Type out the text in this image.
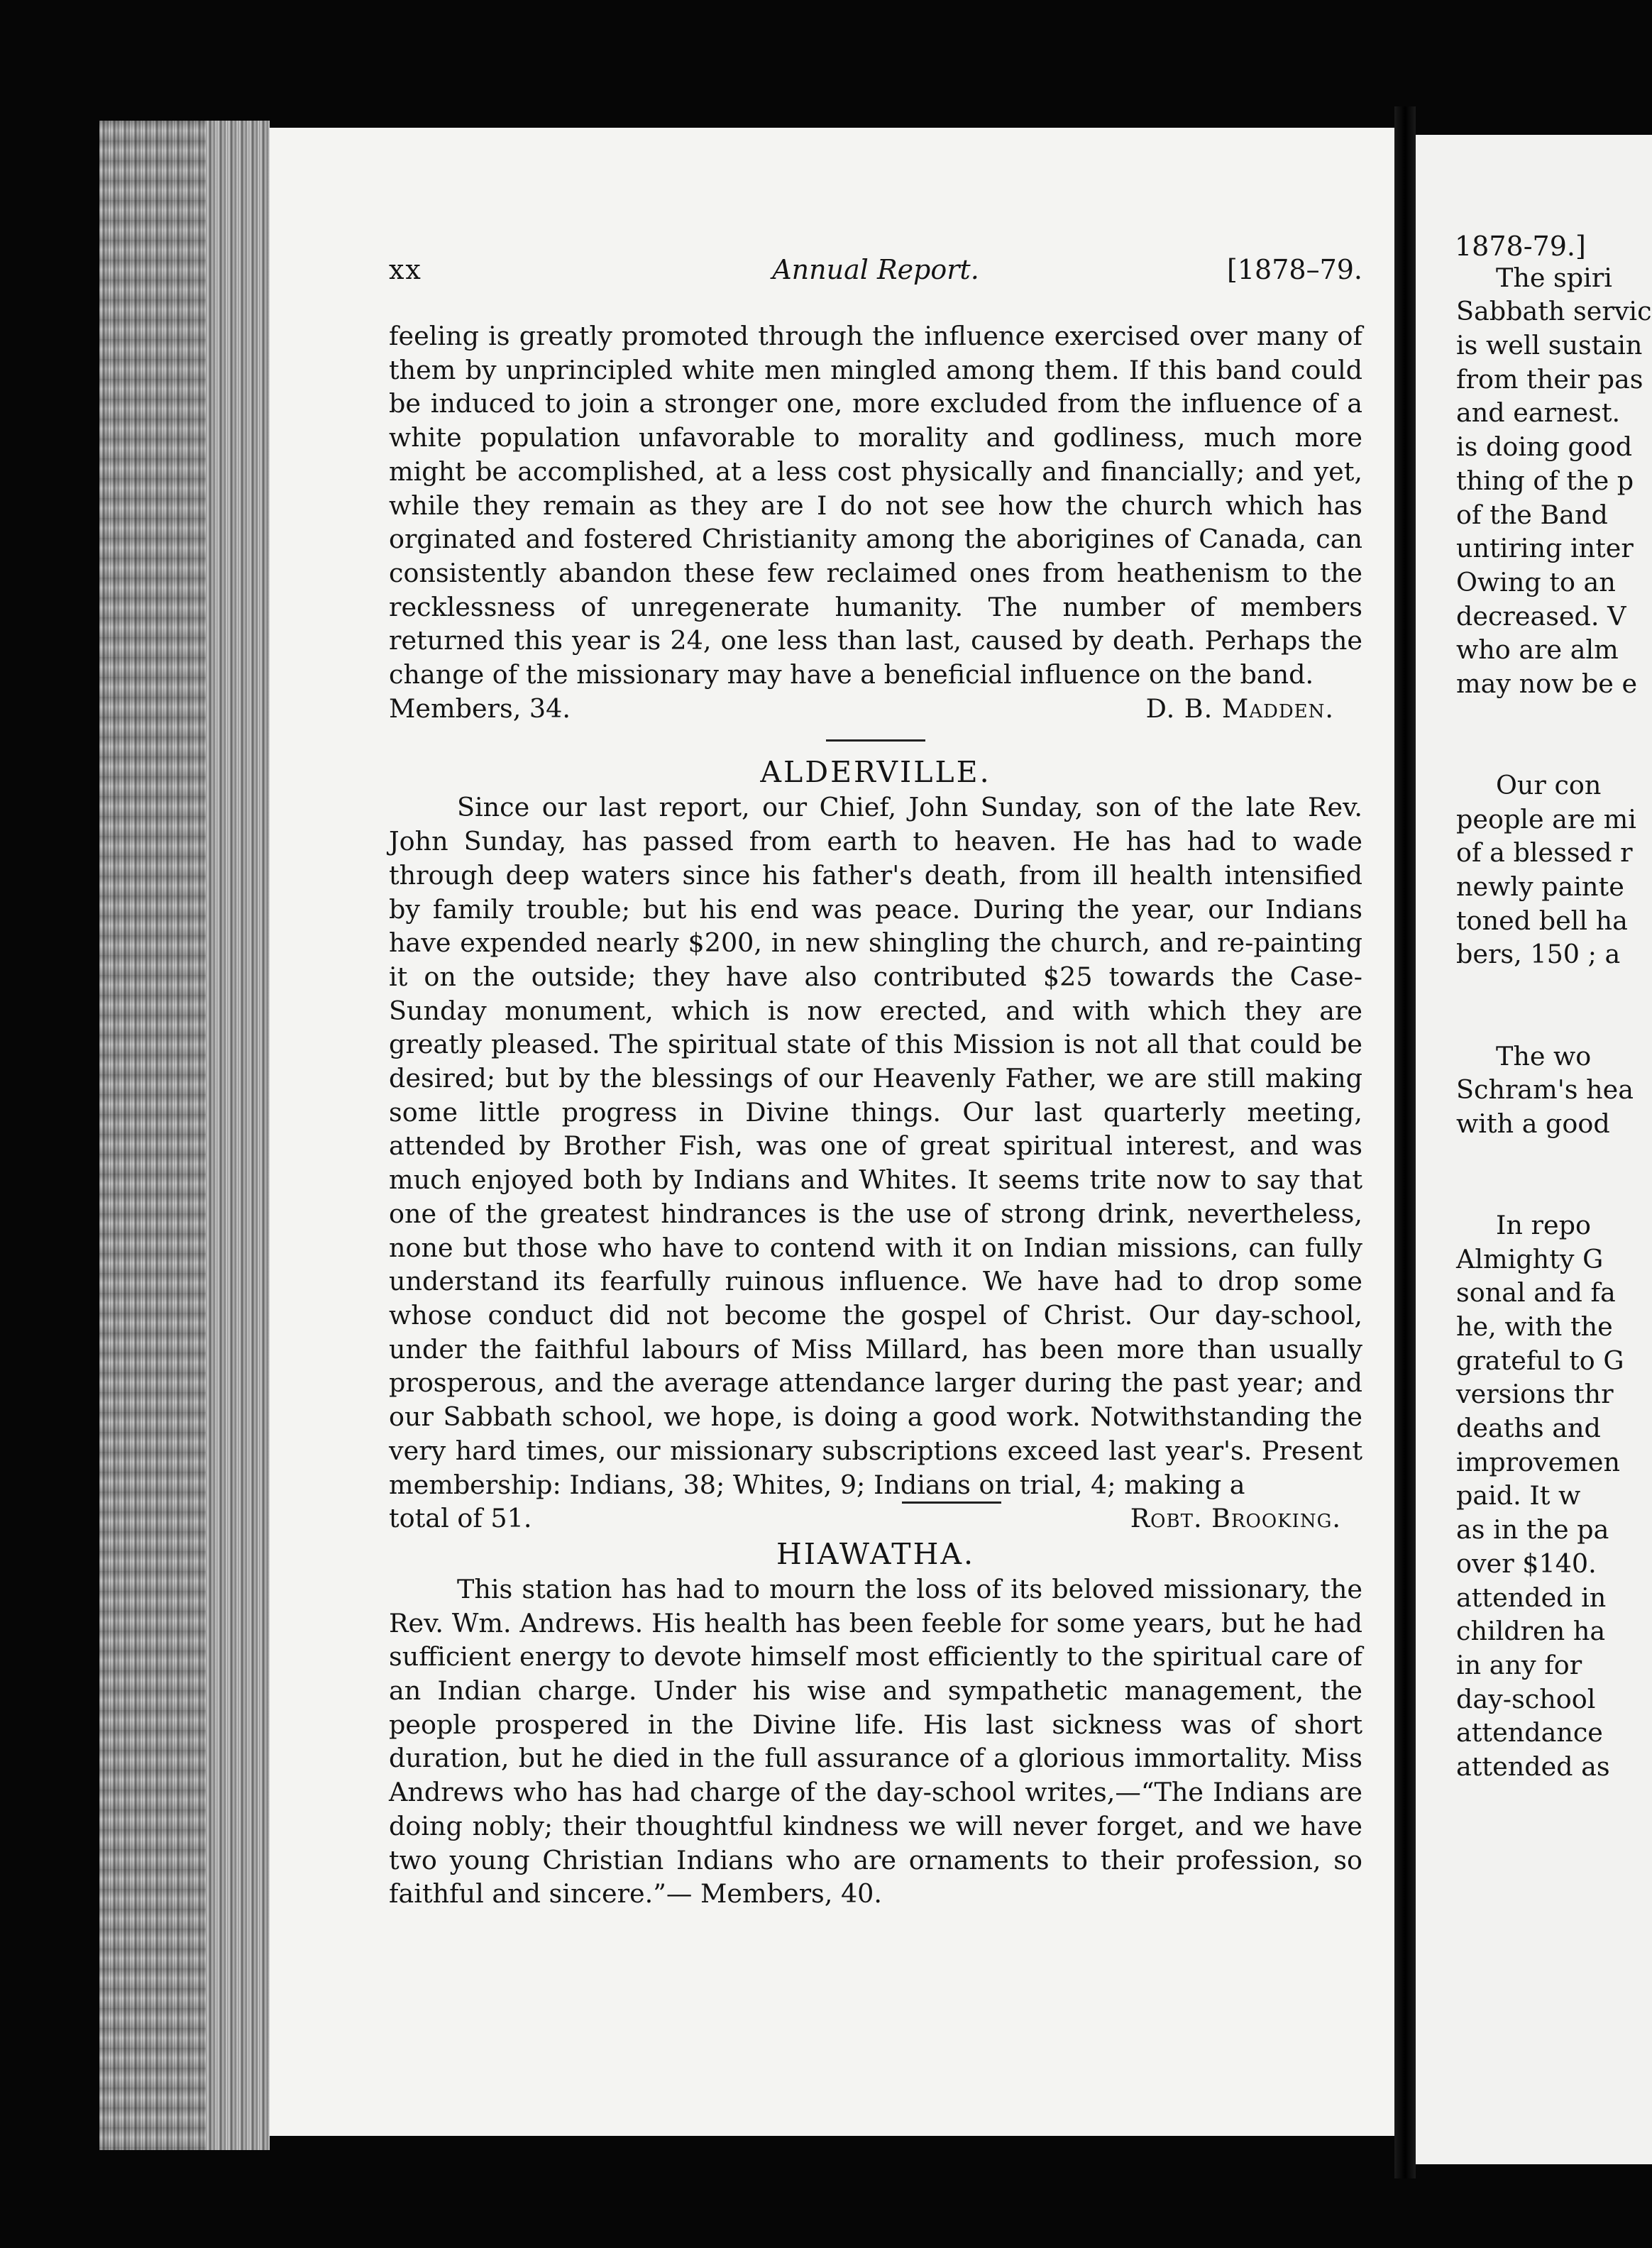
xx	Annual Report.	[1878–79.

feeling is greatly promoted through the influence exercised over many of them by unprincipled white men mingled among them. If this band could be induced to join a stronger one, more excluded from the influence of a white population unfavorable to morality and godliness, much more might be accomplished, at a less cost physically and financially; and yet, while they remain as they are I do not see how the church which has orginated and fostered Christianity among the aborigines of Canada, can consistently abandon these few reclaimed ones from heathenism to the recklessness of unregenerate humanity. The number of members returned this year is 24, one less than last, caused by death. Perhaps the change of the missionary may have a beneficial influence on the band.

Members, 34.	D. B. Madden.
ALDERVILLE.

Since our last report, our Chief, John Sunday, son of the late Rev. John Sunday, has passed from earth to heaven. He has had to wade through deep waters since his father's death, from ill health intensified by family trouble; but his end was peace. During the year, our Indians have expended nearly $200, in new shingling the church, and re-painting it on the outside; they have also contributed $25 towards the Case-Sunday monument, which is now erected, and with which they are greatly pleased. The spiritual state of this Mission is not all that could be desired; but by the blessings of our Heavenly Father, we are still making some little progress in Divine things. Our last quarterly meeting, attended by Brother Fish, was one of great spiritual interest, and was much enjoyed both by Indians and Whites. It seems trite now to say that one of the greatest hindrances is the use of strong drink, nevertheless, none but those who have to contend with it on Indian missions, can fully understand its fearfully ruinous influence. We have had to drop some whose conduct did not become the gospel of Christ. Our day-school, under the faithful labours of Miss Millard, has been more than usually prosperous, and the average attendance larger during the past year; and our Sabbath school, we hope, is doing a good work. Notwithstanding the very hard times, our missionary subscriptions exceed last year's. Present membership: Indians, 38; Whites, 9; Indians on trial, 4; making a

total of 51.	Robt. Brooking.
HIAWATHA.

This station has had to mourn the loss of its beloved missionary, the Rev. Wm. Andrews. His health has been feeble for some years, but he had sufficient energy to devote himself most efficiently to the spiritual care of an Indian charge. Under his wise and sympathetic management, the people prospered in the Divine life. His last sickness was of short duration, but he died in the full assurance of a glorious immortality. Miss Andrews who has had charge of the day-school writes,—“The Indians are doing nobly; their thoughtful kindness we will never forget, and we have two young Christian Indians who are ornaments to their profession, so faithful and sincere.”— Members, 40.

1878-79.]
The spiri
Sabbath servic
is well sustain
from their pas
and earnest.
is doing good
thing of the p
of the Band
untiring inter
Owing to an
decreased. V
who are alm
may now be e
Our con
people are mi
of a blessed r
newly painte
toned bell ha
bers, 150 ; a
The wo
Schram's hea
with a good
In repo
Almighty G
sonal and fa
he, with the
grateful to G
versions thr
deaths and
improvemen
paid. It w
as in the pa
over $140.
attended in
children ha
in any for
day-school
attendance
attended as
